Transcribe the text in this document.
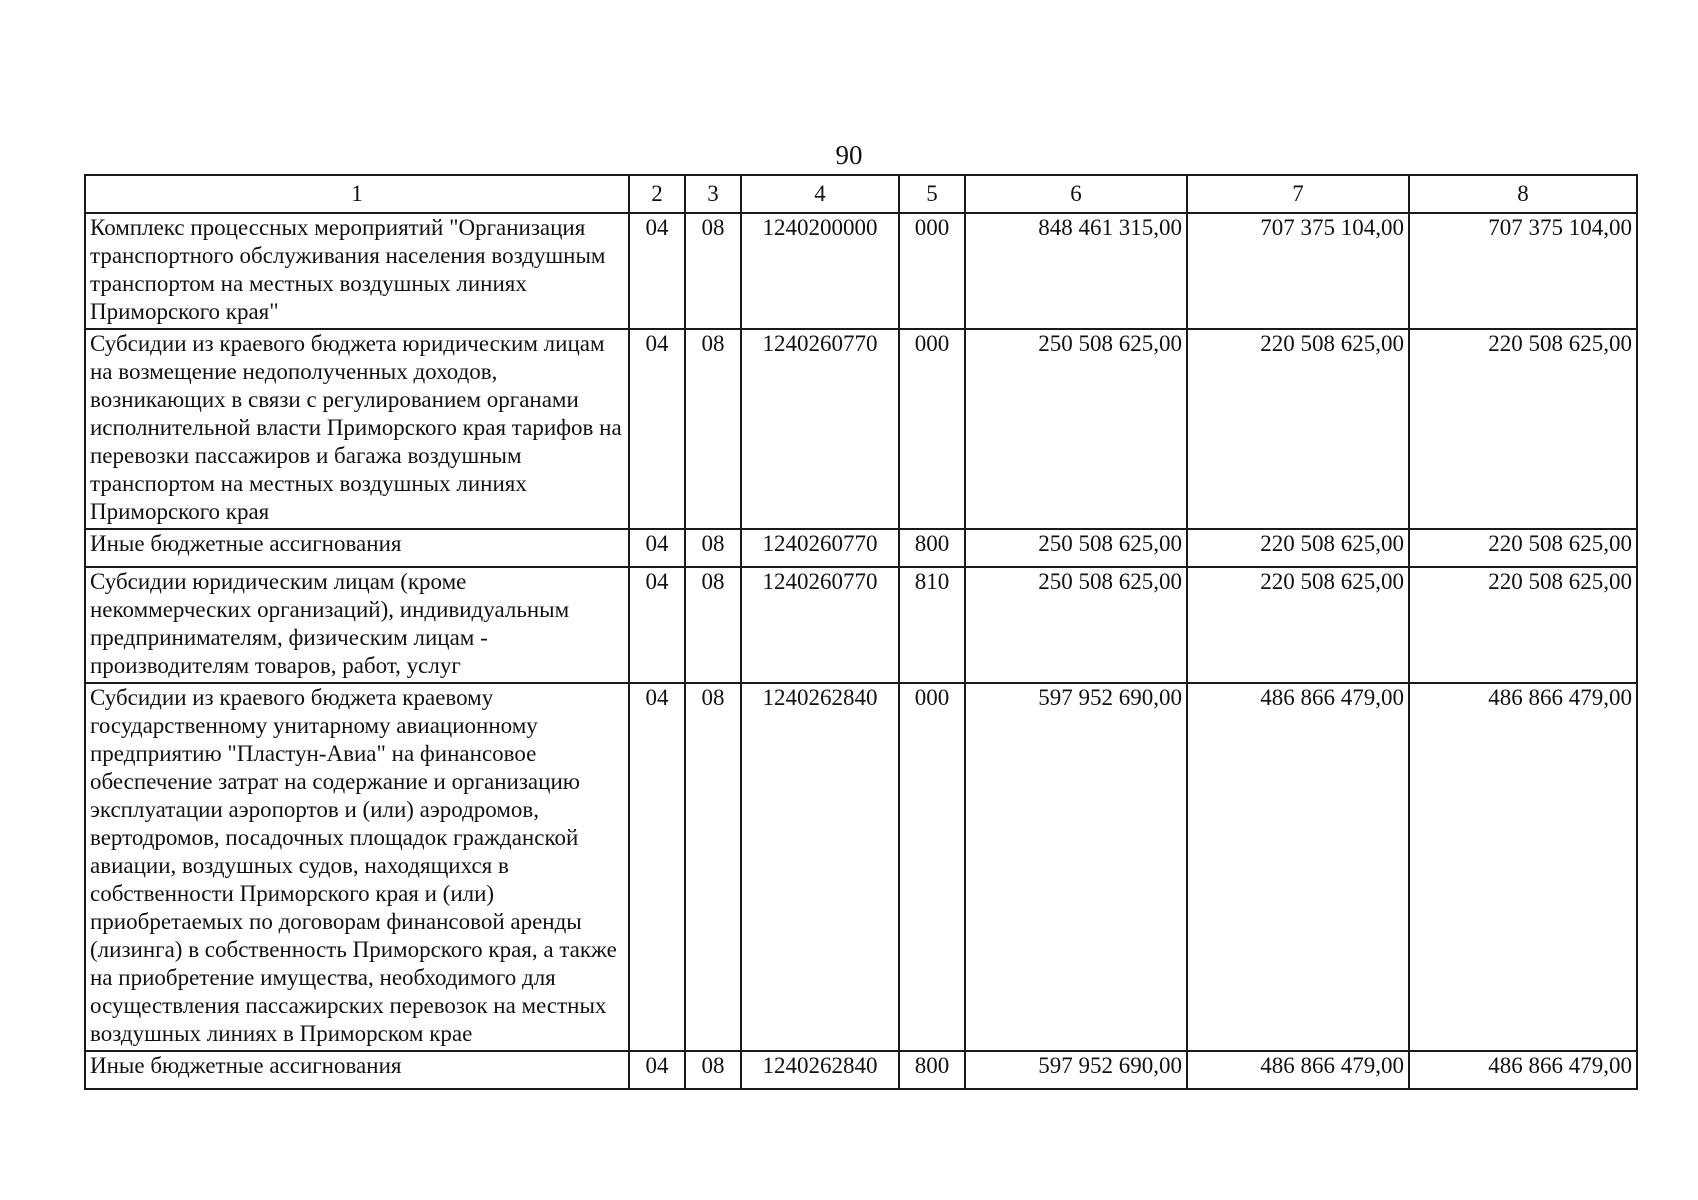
90
1	2	3	4	5	6	7	8
Комплекс процессных мероприятий "Организация транспортного обслуживания населения воздушным транспортом на местных воздушных линиях Приморского края"	04	08	1240200000	000	848 461 315,00	707 375 104,00	707 375 104,00
Субсидии из краевого бюджета юридическим лицам на возмещение недополученных доходов, возникающих в связи с регулированием органами исполнительной власти Приморского края тарифов на перевозки пассажиров и багажа воздушным транспортом на местных воздушных линиях Приморского края	04	08	1240260770	000	250 508 625,00	220 508 625,00	220 508 625,00
Иные бюджетные ассигнования	04	08	1240260770	800	250 508 625,00	220 508 625,00	220 508 625,00
Субсидии юридическим лицам (кроме некоммерческих организаций), индивидуальным предпринимателям, физическим лицам - производителям товаров, работ, услуг	04	08	1240260770	810	250 508 625,00	220 508 625,00	220 508 625,00
Субсидии из краевого бюджета краевому государственному унитарному авиационному предприятию "Пластун-Авиа" на финансовое обеспечение затрат на содержание и организацию эксплуатации аэропортов и (или) аэродромов, вертодромов, посадочных площадок гражданской авиации, воздушных судов, находящихся в собственности Приморского края и (или) приобретаемых по договорам финансовой аренды (лизинга) в собственность Приморского края, а также на приобретение имущества, необходимого для осуществления пассажирских перевозок на местных воздушных линиях в Приморском крае	04	08	1240262840	000	597 952 690,00	486 866 479,00	486 866 479,00
Иные бюджетные ассигнования	04	08	1240262840	800	597 952 690,00	486 866 479,00	486 866 479,00
